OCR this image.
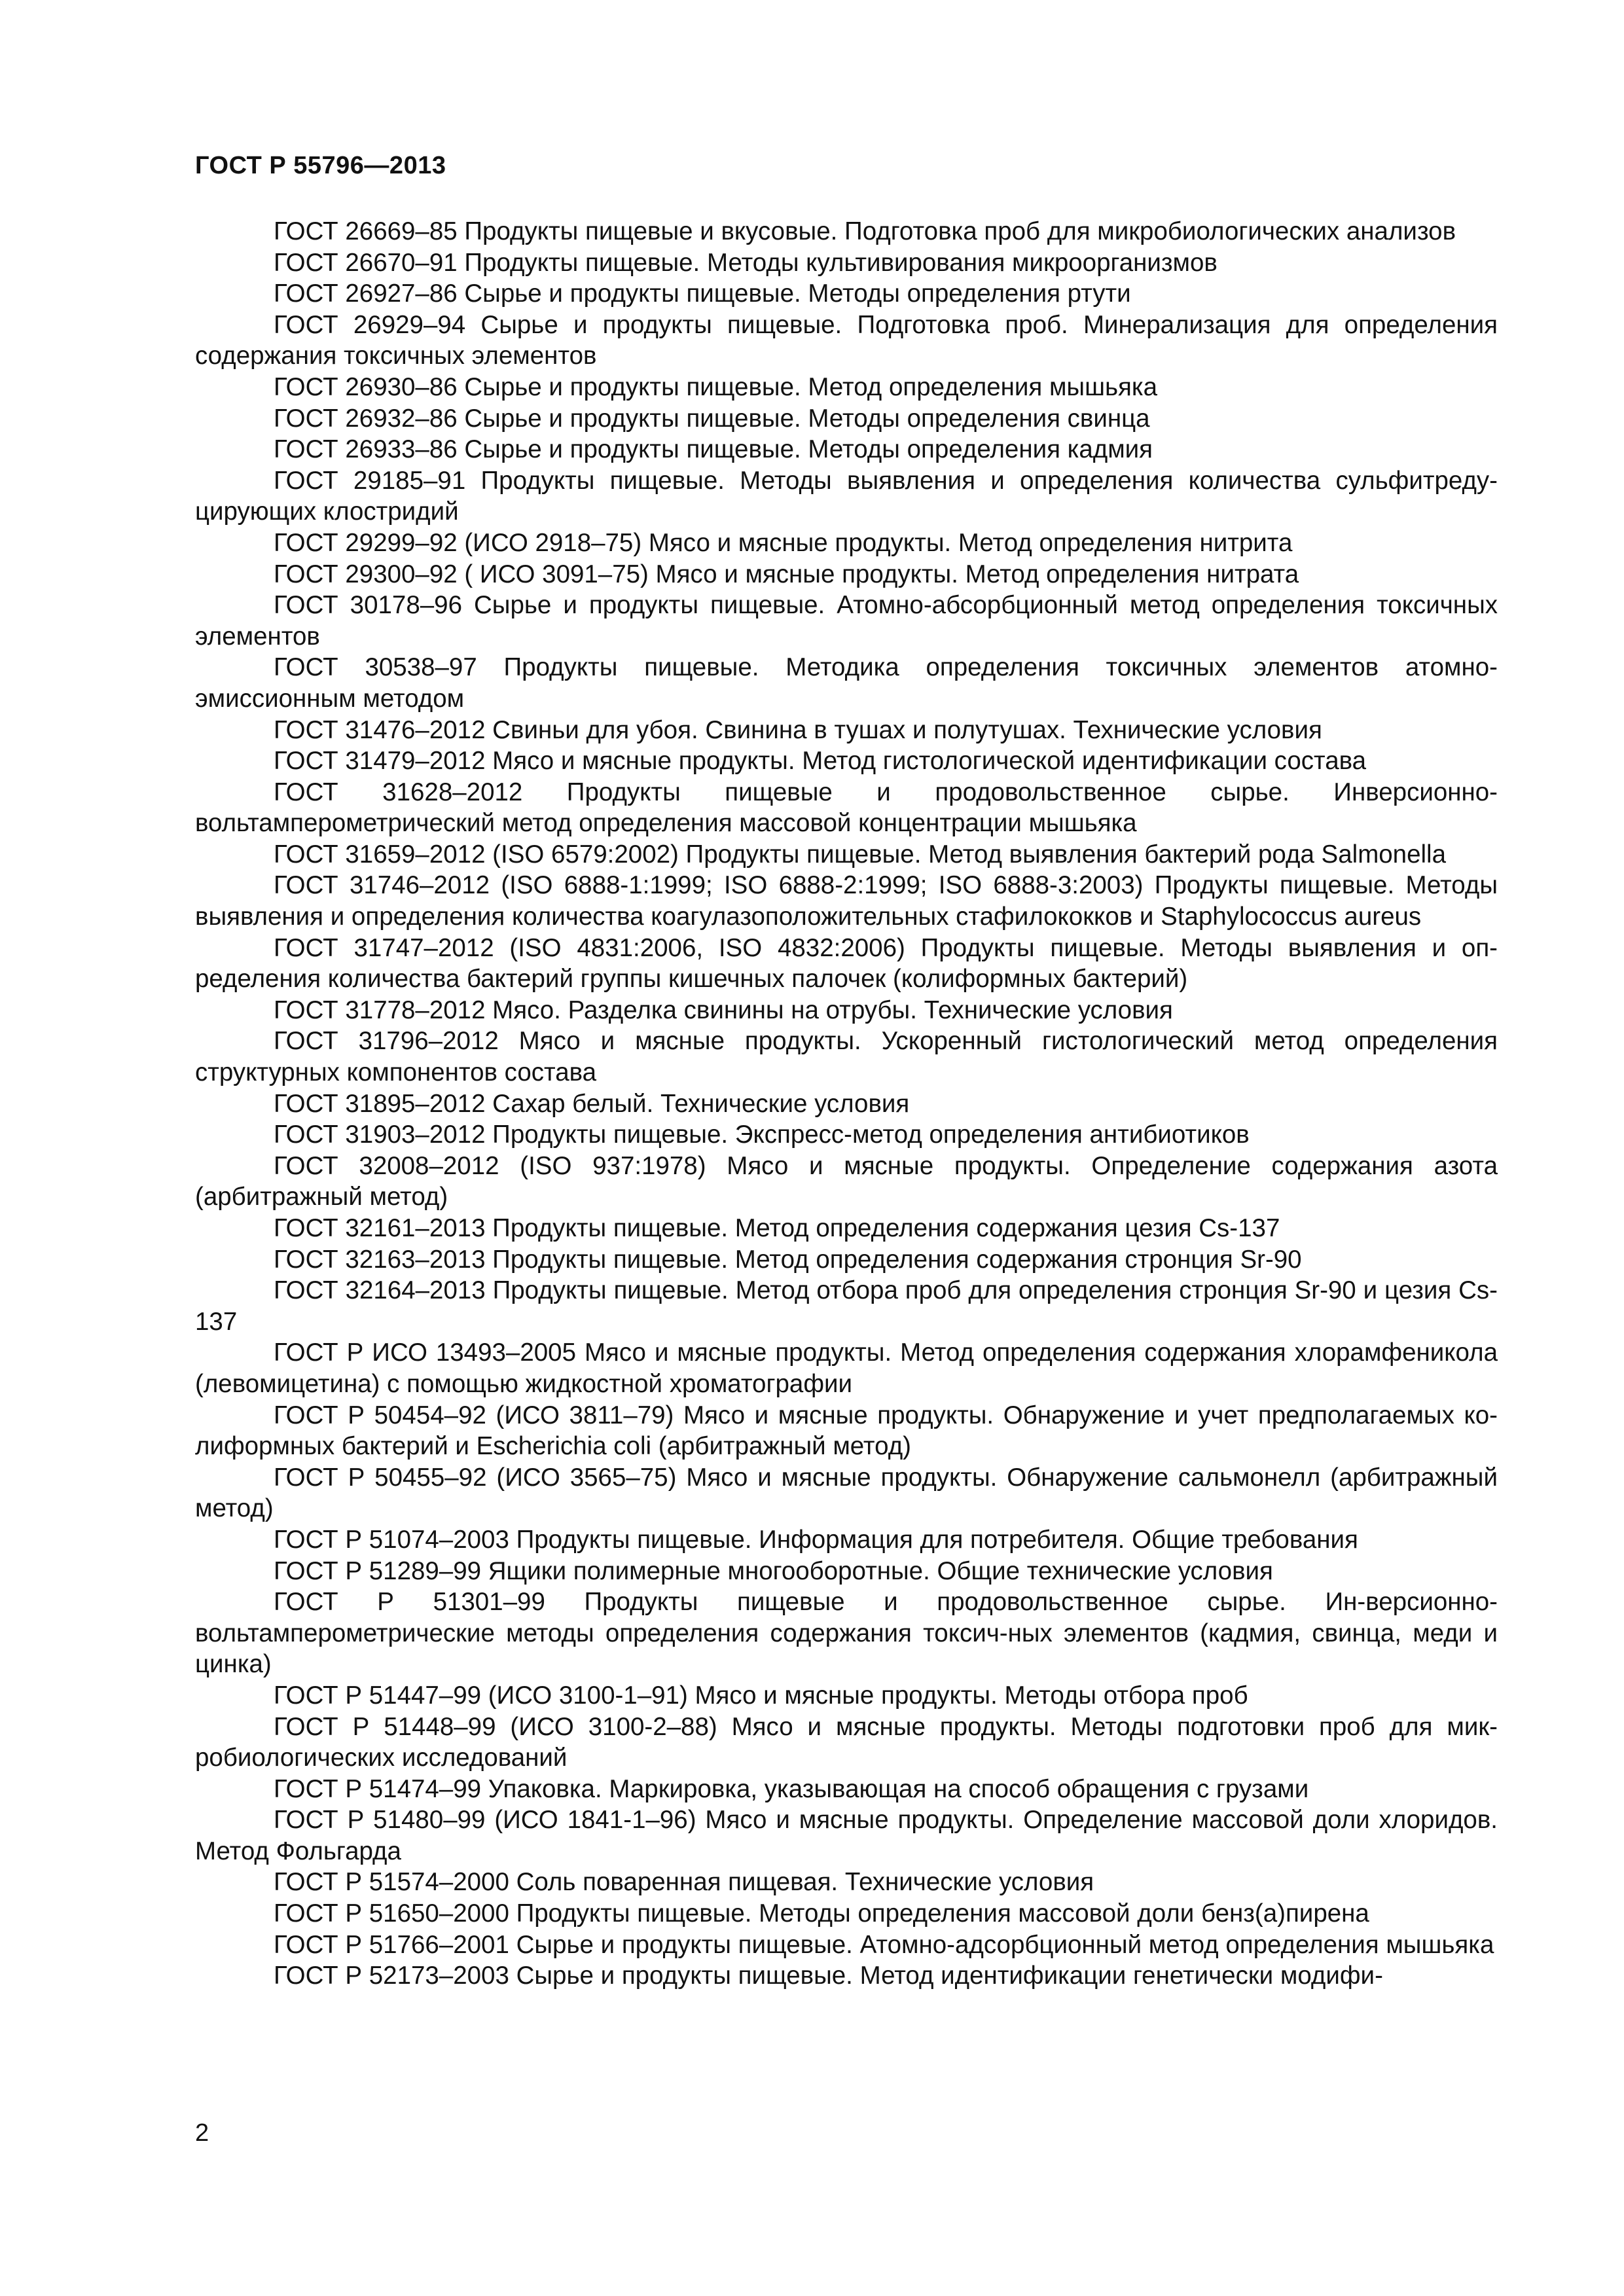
ГОСТ Р 55796—2013

ГОСТ 26669–85 Продукты пищевые и вкусовые. Подготовка проб для микробиологических анализов

ГОСТ 26670–91 Продукты пищевые. Методы культивирования микроорганизмов

ГОСТ 26927–86 Сырье и продукты пищевые. Методы определения ртути

ГОСТ 26929–94 Сырье и продукты пищевые. Подготовка проб. Минерализация для определения содержания токсичных элементов

ГОСТ 26930–86 Сырье и продукты пищевые. Метод определения мышьяка

ГОСТ 26932–86 Сырье и продукты пищевые. Методы определения свинца

ГОСТ 26933–86 Сырье и продукты пищевые. Методы определения кадмия

ГОСТ 29185–91 Продукты пищевые. Методы выявления и определения количества сульфитредуцирующих клостридий

ГОСТ 29299–92 (ИСО 2918–75) Мясо и мясные продукты. Метод определения нитрита

ГОСТ 29300–92 ( ИСО 3091–75) Мясо и мясные продукты. Метод определения нитрата

ГОСТ 30178–96 Сырье и продукты пищевые. Атомно-абсорбционный метод определения токсичных элементов

ГОСТ 30538–97 Продукты пищевые. Методика определения токсичных элементов атомно-эмиссионным методом

ГОСТ 31476–2012 Свиньи для убоя. Свинина в тушах и полутушах. Технические условия

ГОСТ 31479–2012 Мясо и мясные продукты. Метод гистологической идентификации состава

ГОСТ 31628–2012 Продукты пищевые и продовольственное сырье. Инверсионно-вольтамперометрический метод определения массовой концентрации мышьяка

ГОСТ 31659–2012 (ISO 6579:2002) Продукты пищевые. Метод выявления бактерий рода Salmonella

ГОСТ 31746–2012 (ISO 6888-1:1999; ISO 6888-2:1999; ISO 6888-3:2003) Продукты пищевые. Методы выявления и определения количества коагулазоположительных стафилококков и Staphylococcus aureus

ГОСТ 31747–2012 (ISO 4831:2006, ISO 4832:2006) Продукты пищевые. Методы выявления и определения количества бактерий группы кишечных палочек (колиформных бактерий)

ГОСТ 31778–2012 Мясо. Разделка свинины на отрубы. Технические условия

ГОСТ 31796–2012 Мясо и мясные продукты. Ускоренный гистологический метод определения структурных компонентов состава

ГОСТ 31895–2012 Сахар белый. Технические условия

ГОСТ 31903–2012 Продукты пищевые. Экспресс-метод определения антибиотиков

ГОСТ 32008–2012 (ISO 937:1978) Мясо и мясные продукты. Определение содержания азота (арбитражный метод)

ГОСТ 32161–2013 Продукты пищевые. Метод определения содержания цезия Cs-137

ГОСТ 32163–2013 Продукты пищевые. Метод определения содержания стронция Sr-90

ГОСТ 32164–2013 Продукты пищевые. Метод отбора проб для определения стронция Sr-90 и цезия Cs-137

ГОСТ Р ИСО 13493–2005 Мясо и мясные продукты. Метод определения содержания хлорамфеникола (левомицетина) с помощью жидкостной хроматографии

ГОСТ Р 50454–92 (ИСО 3811–79) Мясо и мясные продукты. Обнаружение и учет предполагаемых колиформных бактерий и Escherichia coli (арбитражный метод)

ГОСТ Р 50455–92 (ИСО 3565–75) Мясо и мясные продукты. Обнаружение сальмонелл (арбитражный метод)

ГОСТ Р 51074–2003 Продукты пищевые. Информация для потребителя. Общие требования

ГОСТ Р 51289–99 Ящики полимерные многооборотные. Общие технические условия

ГОСТ Р 51301–99 Продукты пищевые и продовольственное сырье. Ин-версионно-вольтамперометрические методы определения содержания токсич-ных элементов (кадмия, свинца, меди и цинка)

ГОСТ Р 51447–99 (ИСО 3100-1–91) Мясо и мясные продукты. Методы отбора проб

ГОСТ Р 51448–99 (ИСО 3100-2–88) Мясо и мясные продукты. Методы подготовки проб для микробиологических исследований

ГОСТ Р 51474–99 Упаковка. Маркировка, указывающая на способ обращения с грузами

ГОСТ Р 51480–99 (ИСО 1841-1–96) Мясо и мясные продукты. Определение массовой доли хлоридов. Метод Фольгарда

ГОСТ Р 51574–2000 Соль поваренная пищевая. Технические условия

ГОСТ Р 51650–2000 Продукты пищевые. Методы определения массовой доли бенз(а)пирена

ГОСТ Р 51766–2001 Сырье и продукты пищевые. Атомно-адсорбционный метод определения мышьяка

ГОСТ Р 52173–2003 Сырье и продукты пищевые. Метод идентификации генетически модифи-

2
